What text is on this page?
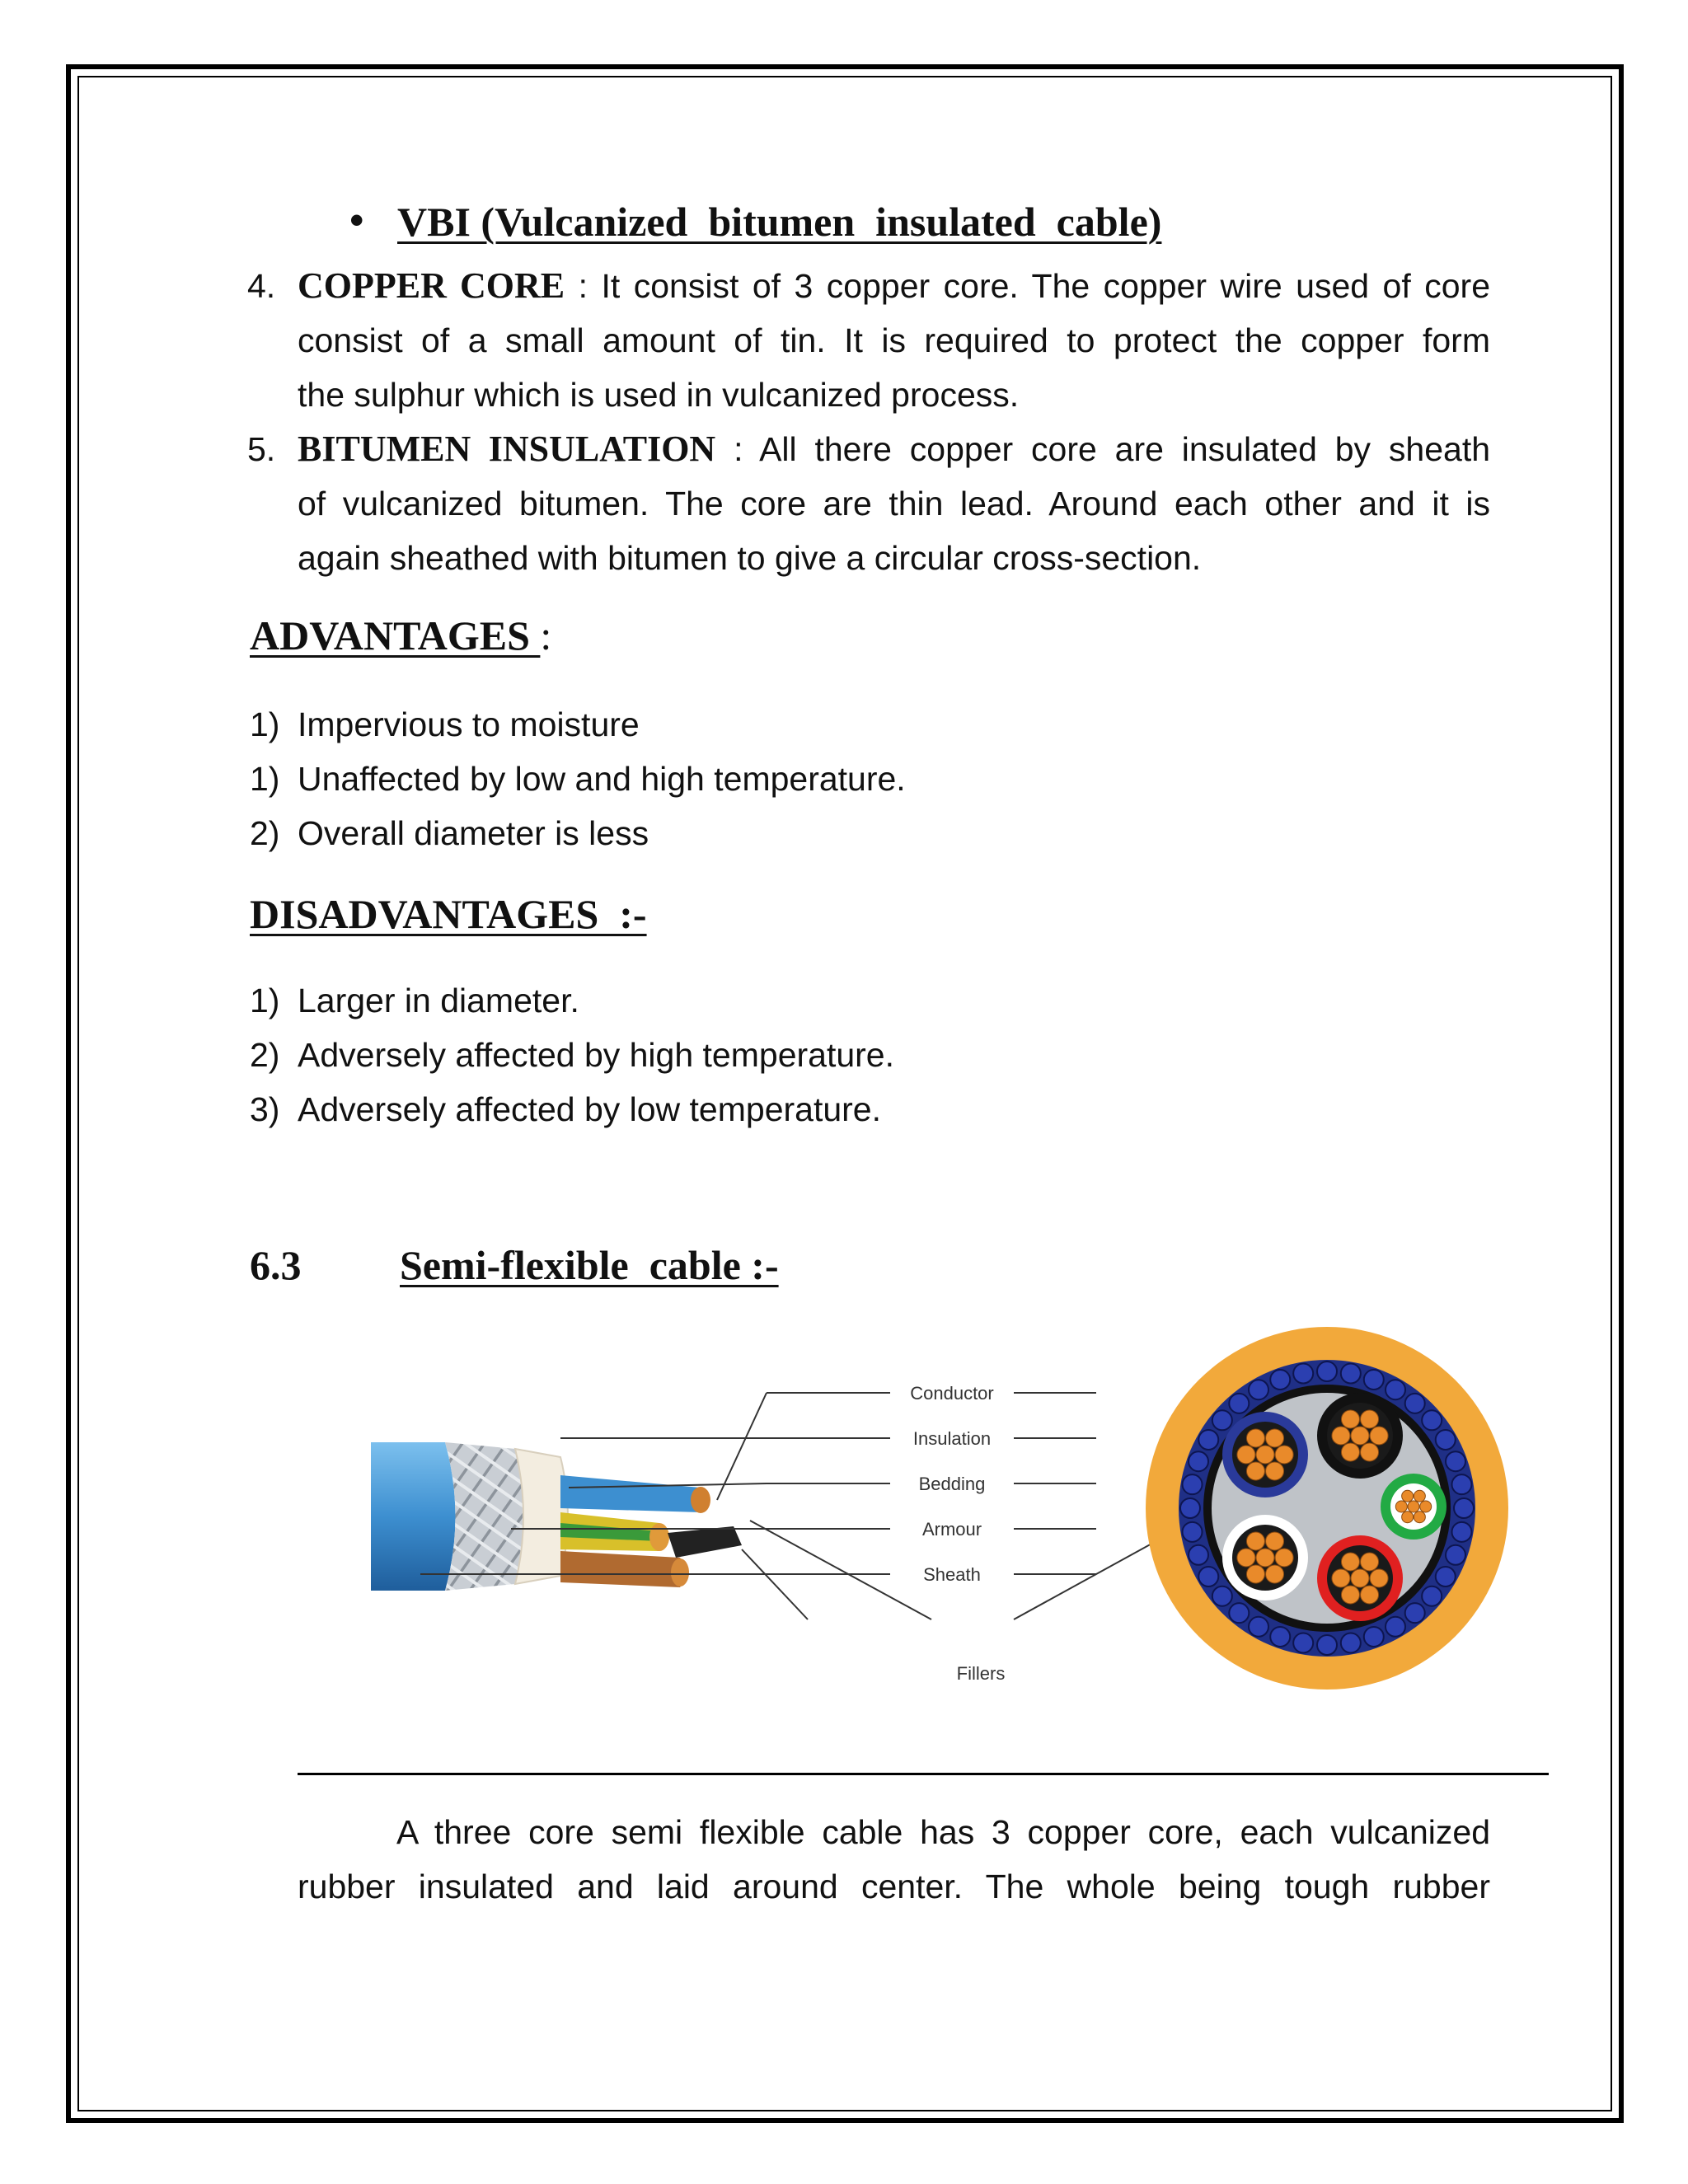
• VBI (Vulcanized  bitumen  insulated  cable)
4. COPPER CORE : It consist of 3 copper core. The copper wire used of core
consist of a small amount of tin. It is required to protect the copper form
the sulphur which is used in vulcanized process.
5. BITUMEN INSULATION : All there copper core are insulated by sheath
of vulcanized bitumen. The core are thin lead. Around each other and it is
again sheathed with bitumen to give a circular cross-section.
ADVANTAGES :
1) Impervious to moisture
1) Unaffected by low and high temperature.
2) Overall diameter is less
DISADVANTAGES  :-
1) Larger in diameter.
2) Adversely affected by high temperature.
3) Adversely affected by low temperature.
6.3 Semi-flexible  cable :-
Conductor
Insulation
Bedding
Armour
Sheath
Fillers
A three core semi flexible cable has 3 copper core, each vulcanized
rubber insulated and laid around center. The whole being tough rubber
